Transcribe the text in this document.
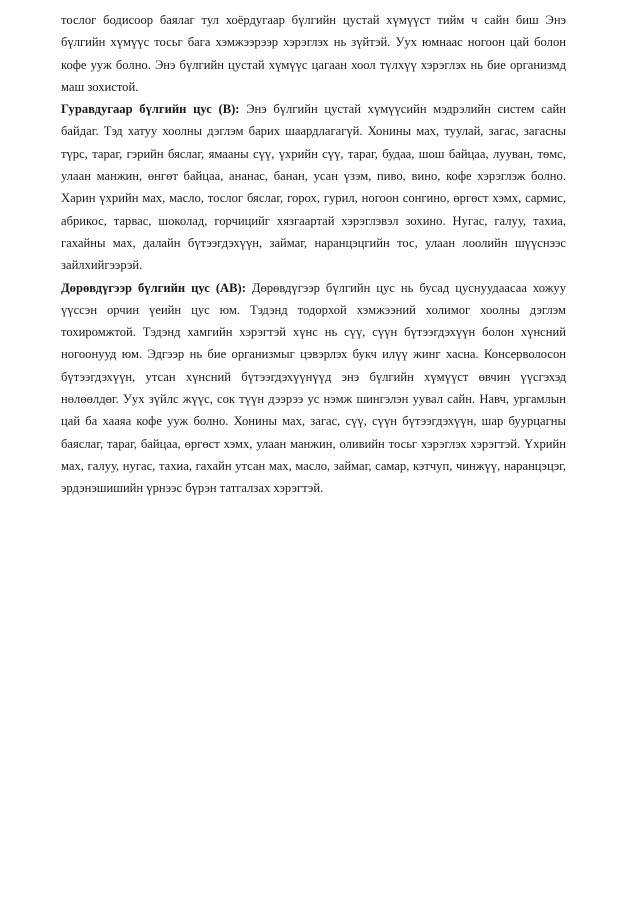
тослог бодисоор баялаг тул хоёрдугаар бүлгийн цустай хүмүүст тийм ч сайн биш Энэ бүлгийн хүмүүс тосьг бага хэмжээрээр хэрэглэх нь зүйтэй. Уух юмнаас ногоон цай болон кофе ууж болно. Энэ бүлгийн цустай хүмүүс цагаан хоол түлхүү хэрэглэх нь бие организмд маш зохистой.

Гуравдугаар бүлгийн цус (В): Энэ бүлгийн цустай хүмүүсийн мэдрэлийн систем сайн байдаг. Тэд хатуу хоолны дэглэм барих шаардлагагүй. Хонины мах, туулай, загас, загасны түрс, тараг, гэрийн бяслаг, ямааны сүү, үхрийн сүү, тараг, будаа, шош байцаа, лууван, төмс, улаан манжин, өнгөт байцаа, ананас, банан, усан үзэм, пиво, вино, кофе хэрэглэж болно. Харин үхрийн мах, масло, тослог бяслаг, горох, гурил, ногоон сонгино, өргөст хэмх, сармис, абрикос, тарвас, шоколад, горчицийг хязгаартай хэрэглэвэл зохино. Нугас, галуу, тахиа, гахайны мах, далайн бүтээгдэхүүн, займаг, наранцэцгийн тос, улаан лоолийн шүүснээс зайлхийгээрэй.

Дөрөвдүгээр бүлгийн цус (АВ): Дөрөвдүгээр бүлгийн цус нь бусад цуснуудаасаа хожуу үүссэн орчин үеийн цус юм. Тэдэнд тодорхой хэмжээний холимог хоолны дэглэм тохиромжтой. Тэдэнд хамгийн хэрэгтэй хүнс нь сүү, сүүн бүтээгдэхүүн болон хүнсний ногоонууд юм. Эдгээр нь бие организмыг цэвэрлэх букч илүү жинг хасна. Консерволосон бүтээгдэхүүн, утсан хүнсний бүтээгдэхүүнүүд энэ бүлгийн хүмүүст өвчин үүсгэхэд нөлөөлдөг. Уух зүйлс жүүс, сок түүн дээрээ ус нэмж шингэлэн уувал сайн. Навч, ургамлын цай ба хааяа кофе ууж болно. Хонины мах, загас, сүү, сүүн бүтээгдэхүүн, шар буурцагны баяслаг, тараг, байцаа, өргөст хэмх, улаан манжин, оливийн тосьг хэрэглэх хэрэгтэй. Үхрийн мах, галуу, нугас, тахиа, гахайн утсан мах, масло, займаг, самар, кэтчуп, чинжүү, наранцэцэг, эрдэнэшишийн үрнээс бүрэн татгалзах хэрэгтэй.
